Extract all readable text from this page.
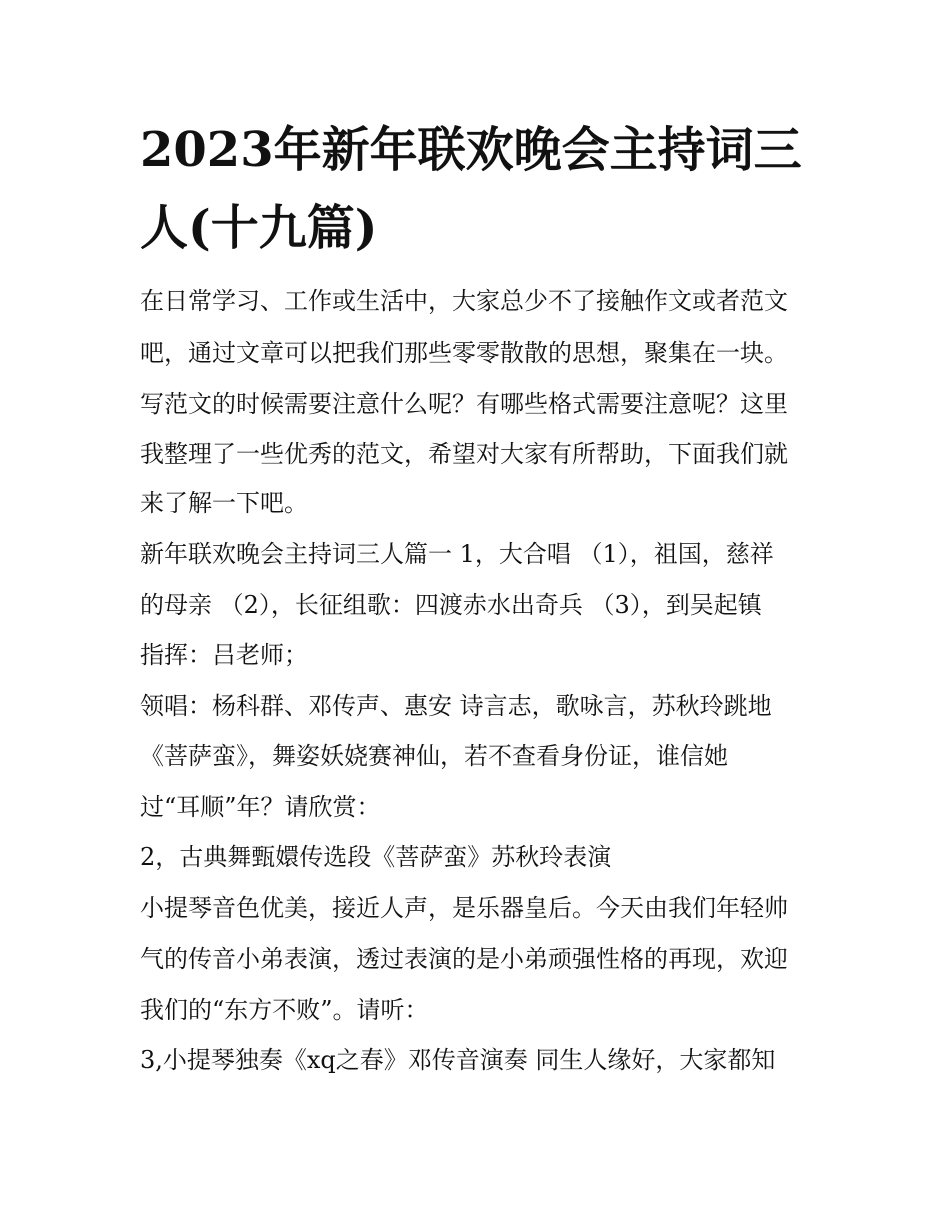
2023年新年联欢晚会主持词三
人(十九篇)

在日常学习、工作或生活中，大家总少不了接触作文或者范文

吧，通过文章可以把我们那些零零散散的思想，聚集在一块。

写范文的时候需要注意什么呢？有哪些格式需要注意呢？这里

我整理了一些优秀的范文，希望对大家有所帮助，下面我们就

来了解一下吧。

新年联欢晚会主持词三人篇一 1，大合唱 （1），祖国，慈祥

的母亲 （2），长征组歌：四渡赤水出奇兵 （3），到吴起镇

指挥：吕老师；

领唱：杨科群、邓传声、惠安 诗言志，歌咏言，苏秋玲跳地

《菩萨蛮》，舞姿妖娆赛神仙，若不查看身份证，谁信她

过“耳顺”年？请欣赏：

2，古典舞甄嬛传选段《菩萨蛮》苏秋玲表演

小提琴音色优美，接近人声，是乐器皇后。今天由我们年轻帅

气的传音小弟表演，透过表演的是小弟顽强性格的再现，欢迎

我们的“东方不败”。请听：

3,小提琴独奏《xq之春》邓传音演奏 同生人缘好，大家都知
